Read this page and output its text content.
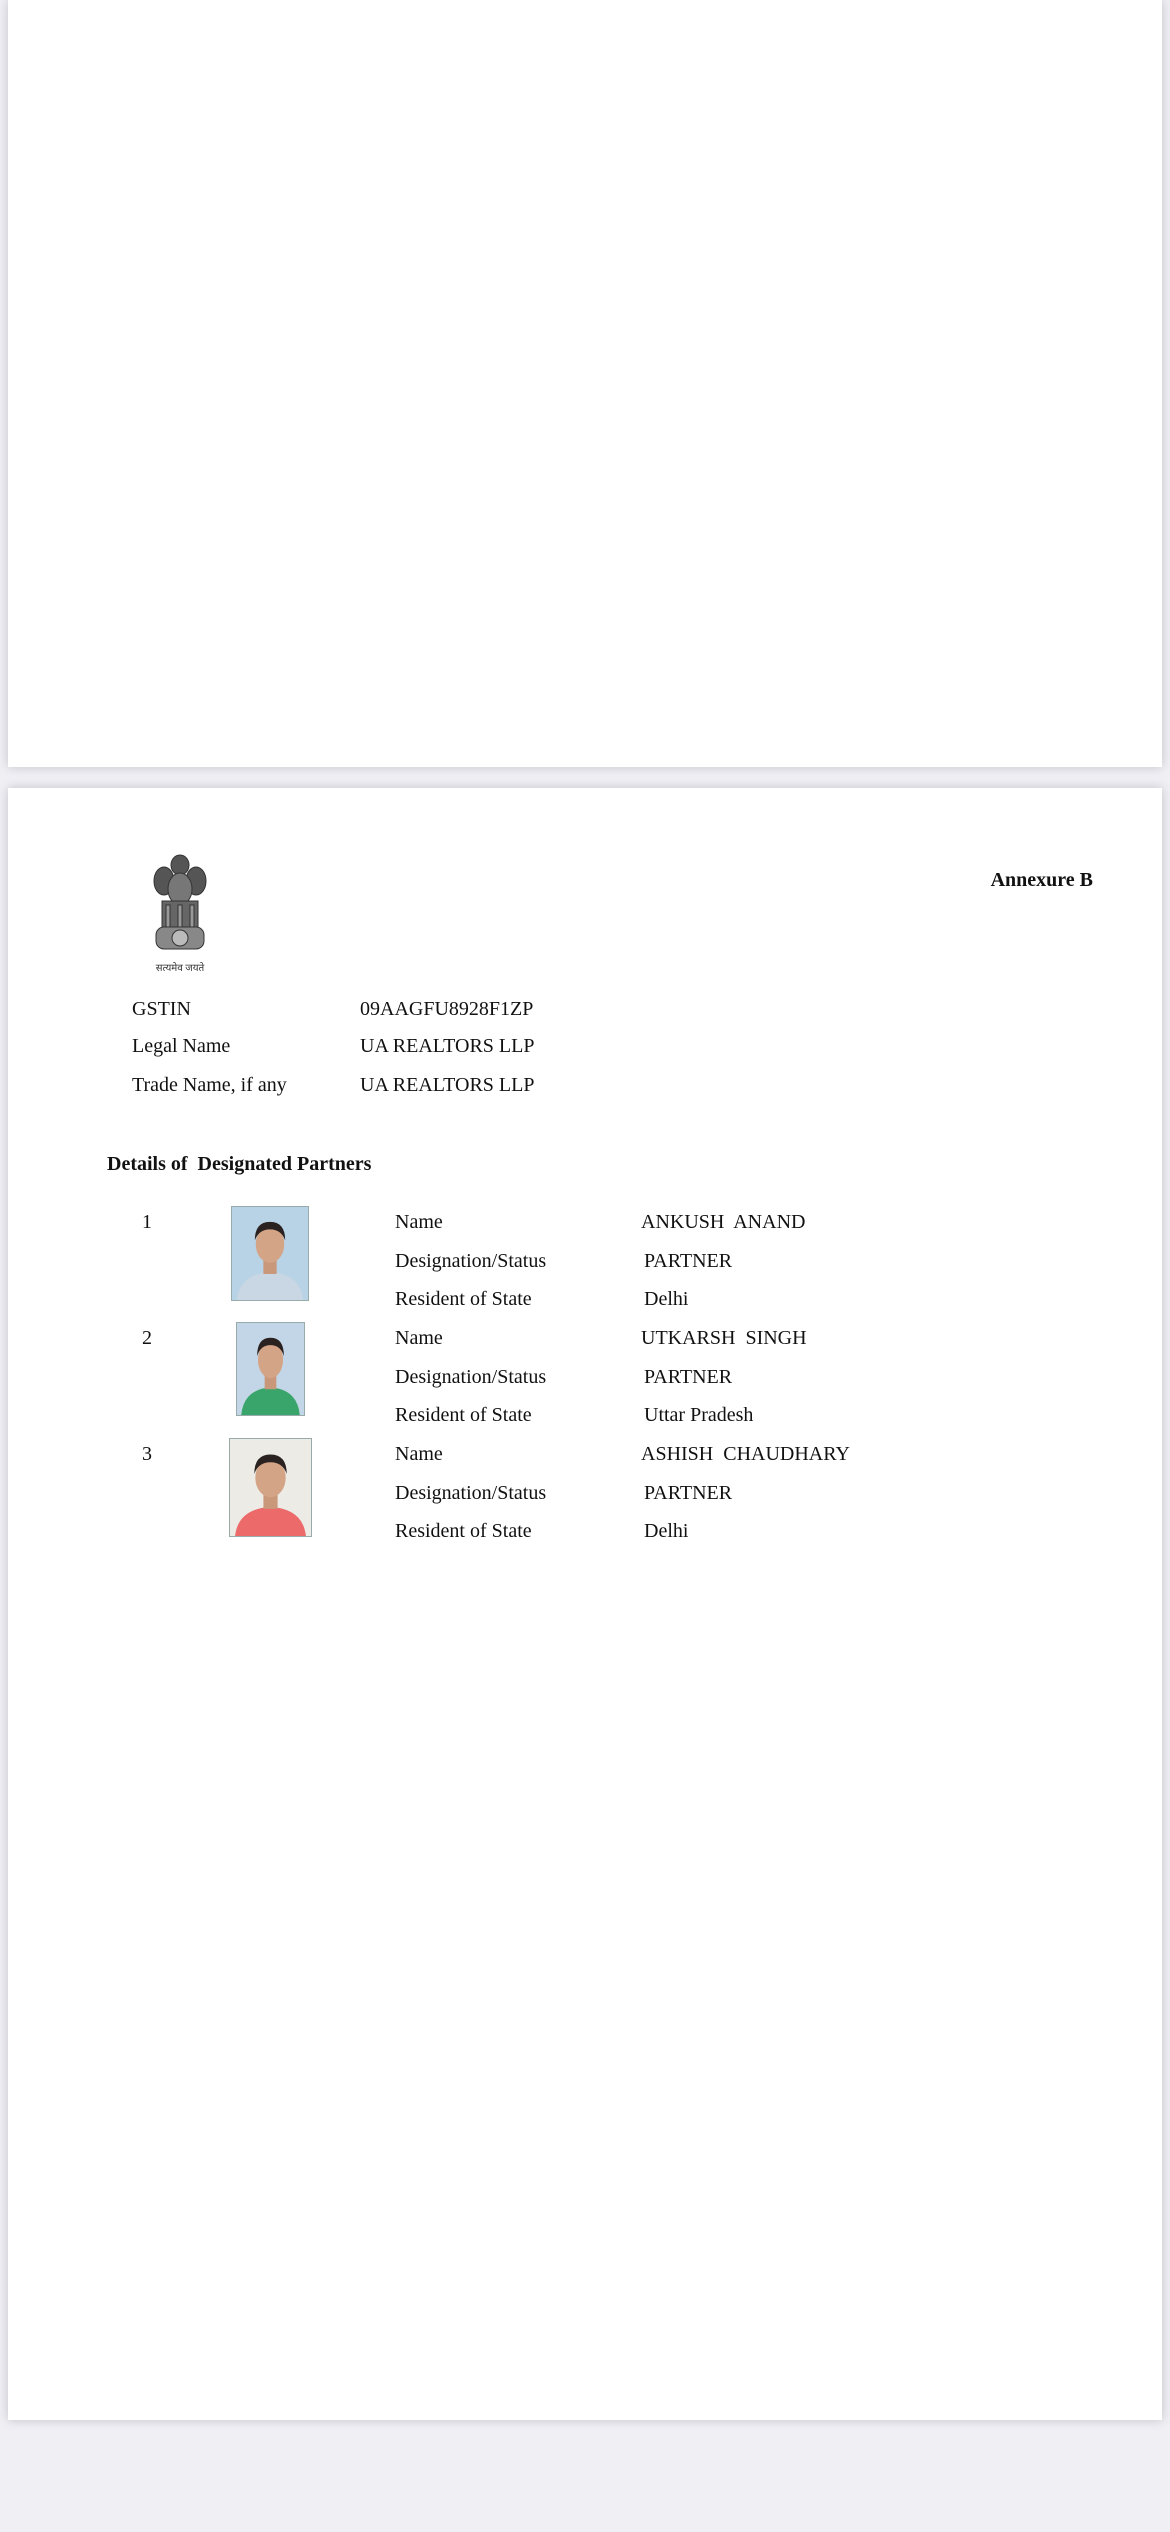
सत्यमेव जयते
Annexure B
GSTIN	09AAGFU8928F1ZP
Legal Name	UA REALTORS LLP
Trade Name, if any	UA REALTORS LLP
Details of  Designated Partners
1	Name	ANKUSH  ANAND
Designation/Status	PARTNER
Resident of State	Delhi
2	Name	UTKARSH  SINGH
Designation/Status	PARTNER
Resident of State	Uttar Pradesh
3	Name	ASHISH  CHAUDHARY
Designation/Status	PARTNER
Resident of State	Delhi
